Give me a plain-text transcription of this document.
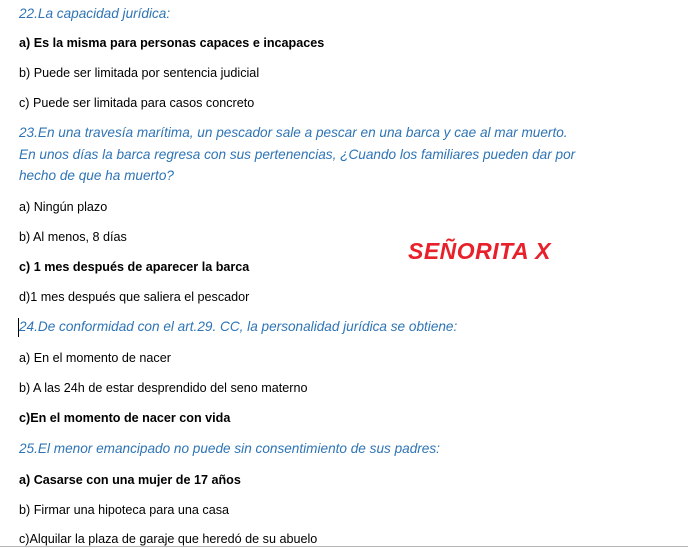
22.La capacidad jurídica:

a) Es la misma para personas capaces e incapaces

b) Puede ser limitada por sentencia judicial

c) Puede ser limitada para casos concreto

23.En una travesía marítima, un pescador sale a pescar en una barca y cae al mar muerto. En unos días la barca regresa con sus pertenencias, ¿Cuando los familiares pueden dar por hecho de que ha muerto?

a) Ningún plazo

b) Al menos, 8 días

c) 1 mes después de aparecer la barca

d)1 mes después que saliera el pescador

24.De conformidad con el art.29. CC, la personalidad jurídica se obtiene:

a) En el momento de nacer

b) A las 24h de estar desprendido del seno materno

c)En el momento de nacer con vida

25.El menor emancipado no puede sin consentimiento de sus padres:

a) Casarse con una mujer de 17 años

b) Firmar una hipoteca para una casa

c)Alquilar la plaza de garaje que heredó de su abuelo

SEÑORITA X
